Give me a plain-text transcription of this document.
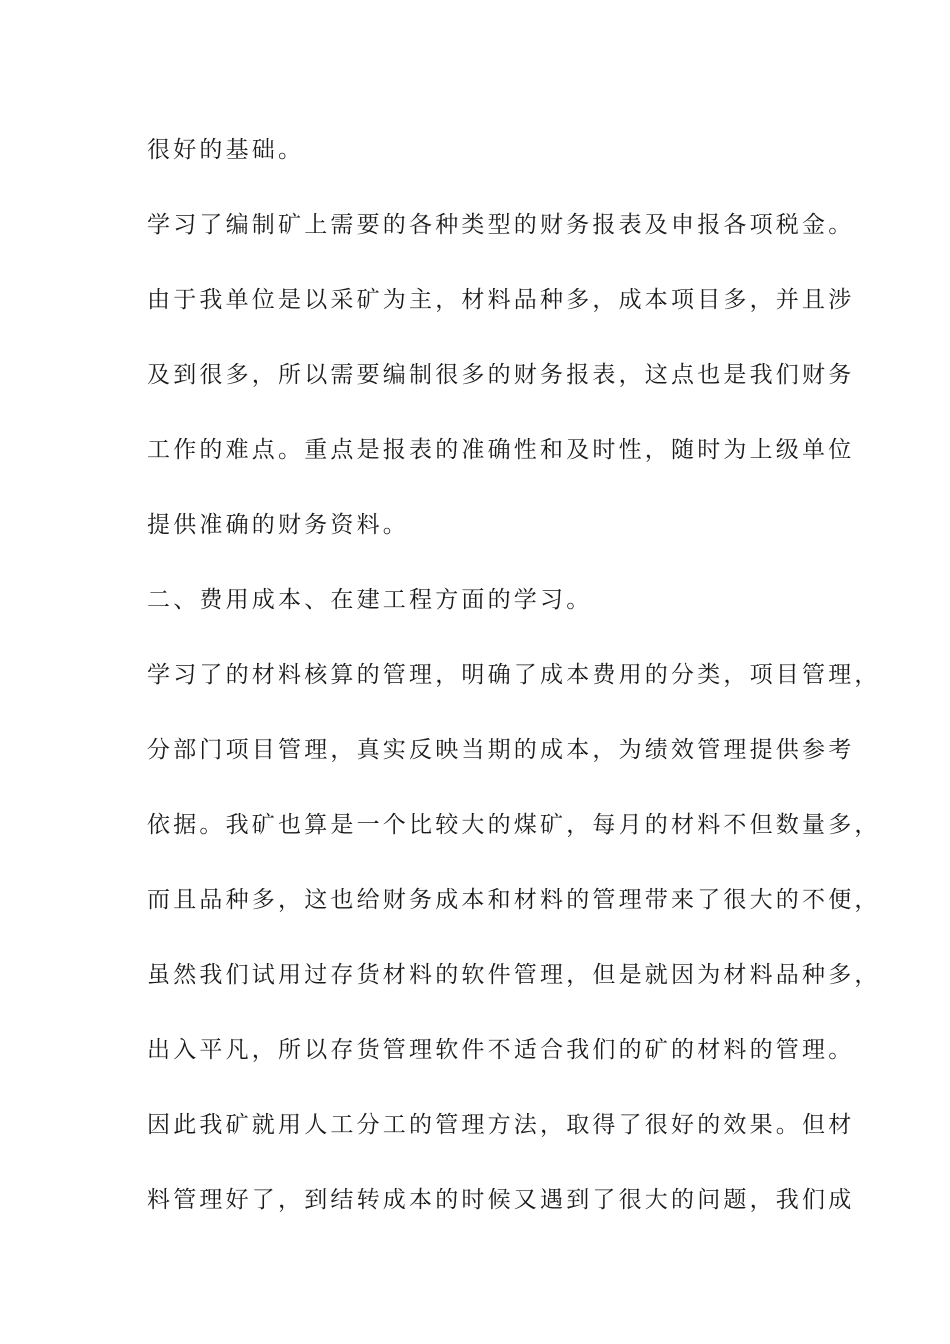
很好的基础。
学习了编制矿上需要的各种类型的财务报表及申报各项税金。
由于我单位是以采矿为主，材料品种多，成本项目多，并且涉
及到很多，所以需要编制很多的财务报表，这点也是我们财务
工作的难点。重点是报表的准确性和及时性，随时为上级单位
提供准确的财务资料。
二、费用成本、在建工程方面的学习。
学习了的材料核算的管理，明确了成本费用的分类，项目管理，
分部门项目管理，真实反映当期的成本，为绩效管理提供参考
依据。我矿也算是一个比较大的煤矿，每月的材料不但数量多，
而且品种多，这也给财务成本和材料的管理带来了很大的不便，
虽然我们试用过存货材料的软件管理，但是就因为材料品种多，
出入平凡，所以存货管理软件不适合我们的矿的材料的管理。
因此我矿就用人工分工的管理方法，取得了很好的效果。但材
料管理好了，到结转成本的时候又遇到了很大的问题，我们成
